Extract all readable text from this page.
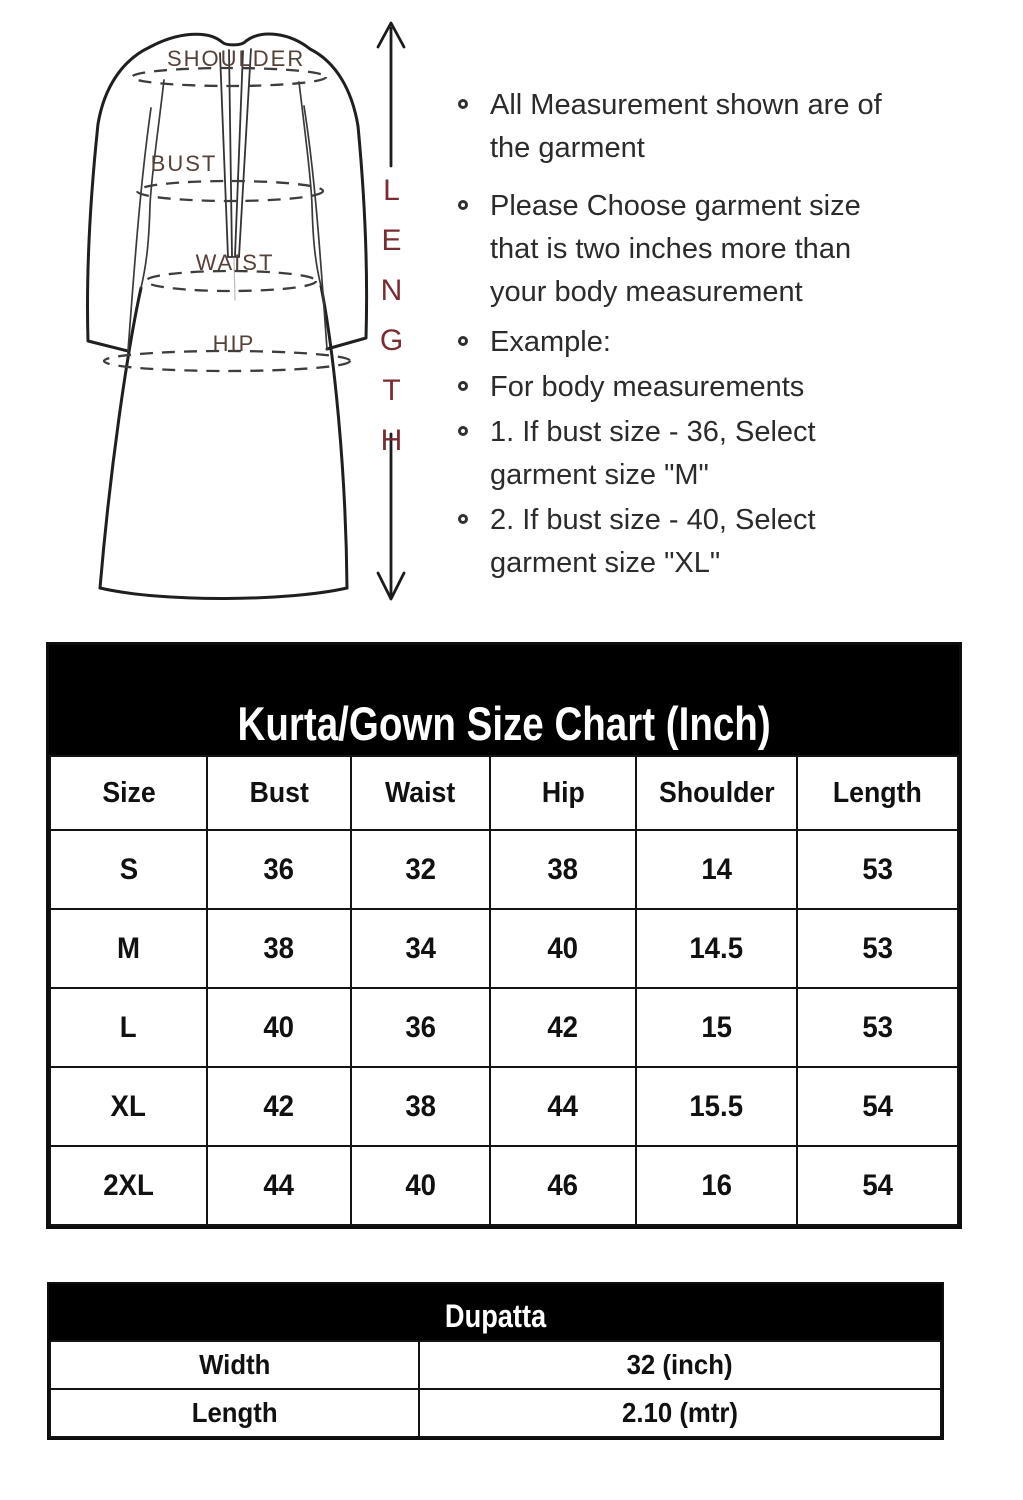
SHOULDER
BUST
WAIST
HIP	LENGTH
All Measurement shown are of the garment
Please Choose garment size that is two inches more than your body measurement
Example:
For body measurements
1. If bust size - 36, Select garment size "M"
2. If bust size - 40, Select garment size "XL"
Kurta/Gown Size Chart (Inch)
Size	Bust	Waist	Hip	Shoulder	Length
S	36	32	38	14	53
M	38	34	40	14.5	53
L	40	36	42	15	53
XL	42	38	44	15.5	54
2XL	44	40	46	16	54
Dupatta
Width	32 (inch)
Length	2.10 (mtr)
